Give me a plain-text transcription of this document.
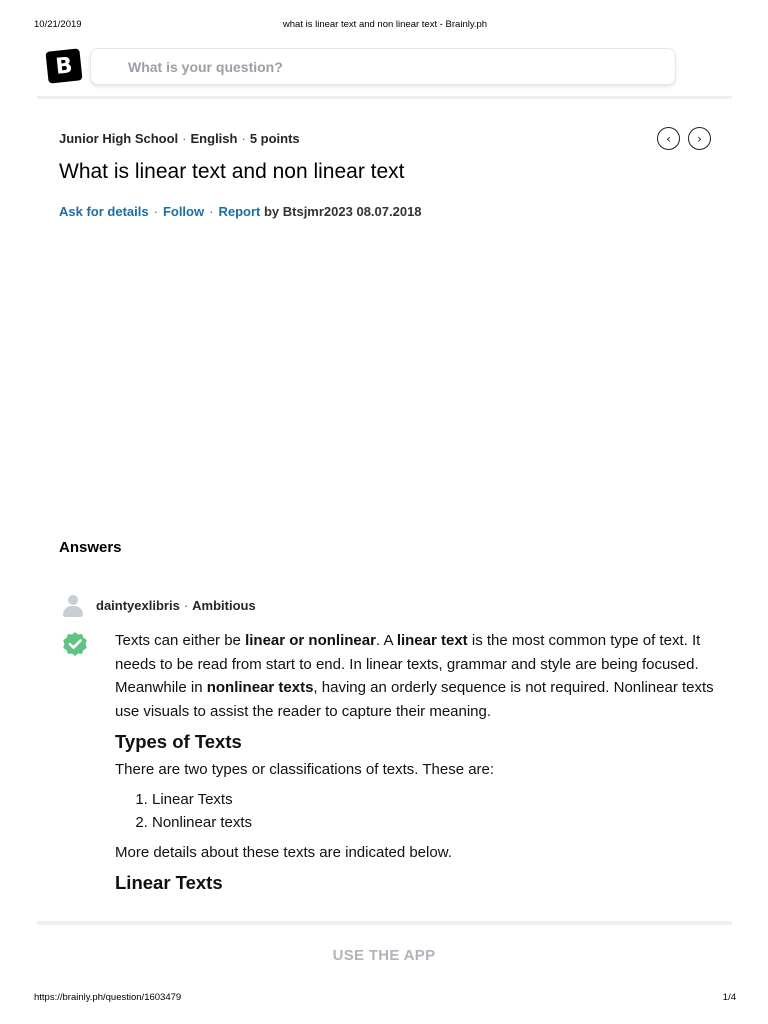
10/21/2019	what is linear text and non linear text - Brainly.ph
B
What is your question?
Junior High School · English · 5 points	‹ ›
What is linear text and non linear text
Ask for details · Follow · Report by Btsjmr2023 08.07.2018
Answers
daintyexlibris · Ambitious

Texts can either be linear or nonlinear. A linear text is the most common type of text. It needs to be read from start to end. In linear texts, grammar and style are being focused. Meanwhile in nonlinear texts, having an orderly sequence is not required. Nonlinear texts use visuals to assist the reader to capture their meaning.

Types of Texts

There are two types or classifications of texts. These are:

1. Linear Texts
2. Nonlinear texts

More details about these texts are indicated below.

Linear Texts
USE THE APP
https://brainly.ph/question/1603479	1/4
